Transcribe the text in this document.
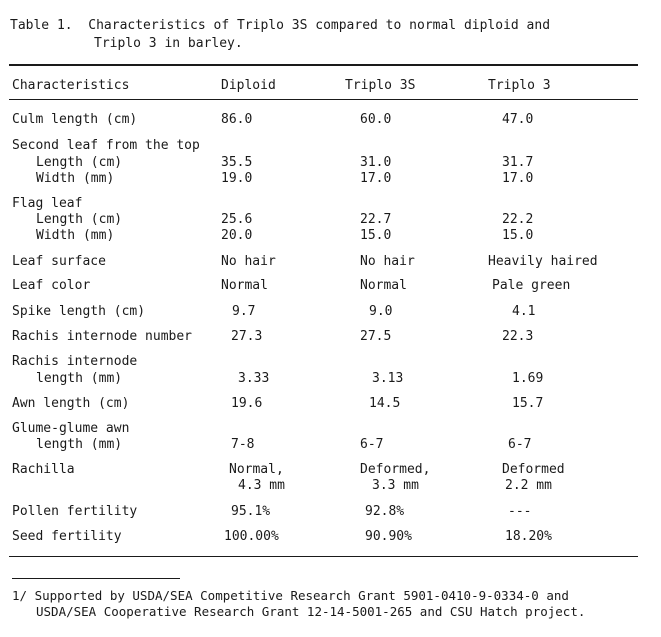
Table 1.  Characteristics of Triplo 3S compared to normal diploid and
Triplo 3 in barley.
Characteristics	Diploid	Triplo 3S	Triplo 3
Culm length (cm)	86.0	60.0	47.0
Second leaf from the top
Length (cm)	35.5	31.0	31.7
Width (mm)	19.0	17.0	17.0
Flag leaf
Length (cm)	25.6	22.7	22.2
Width (mm)	20.0	15.0	15.0
Leaf surface	No hair	No hair	Heavily haired
Leaf color	Normal	Normal	Pale green
Spike length (cm)	9.7	9.0	4.1
Rachis internode number	27.3	27.5	22.3
Rachis internode
length (mm)	3.33	3.13	1.69
Awn length (cm)	19.6	14.5	15.7
Glume-glume awn
length (mm)	7-8	6-7	6-7
Rachilla	Normal,	Deformed,	Deformed
4.3 mm	3.3 mm	2.2 mm
Pollen fertility	95.1%	92.8%	---
Seed fertility	100.00%	90.90%	18.20%
1/ Supported by USDA/SEA Competitive Research Grant 5901-0410-9-0334-0 and
USDA/SEA Cooperative Research Grant 12-14-5001-265 and CSU Hatch project.
